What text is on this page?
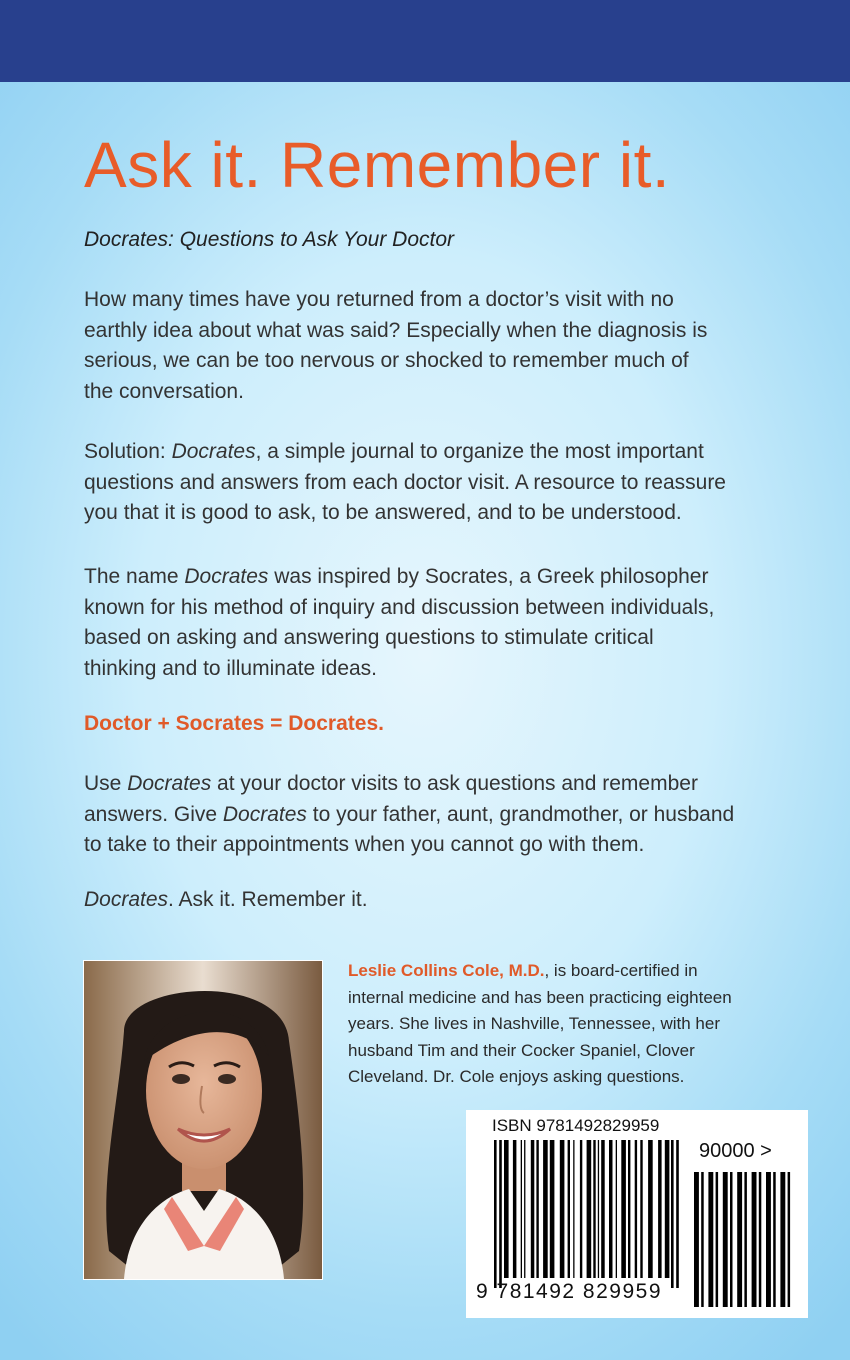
Ask it. Remember it.

Docrates: Questions to Ask Your Doctor

How many times have you returned from a doctor’s visit with no
earthly idea about what was said? Especially when the diagnosis is
serious, we can be too nervous or shocked to remember much of
the conversation.

Solution: Docrates, a simple journal to organize the most important
questions and answers from each doctor visit. A resource to reassure
you that it is good to ask, to be answered, and to be understood.

The name Docrates was inspired by Socrates, a Greek philosopher
known for his method of inquiry and discussion between individuals,
based on asking and answering questions to stimulate critical
thinking and to illuminate ideas.

Doctor + Socrates = Docrates.

Use Docrates at your doctor visits to ask questions and remember
answers. Give Docrates to your father, aunt, grandmother, or husband
to take to their appointments when you cannot go with them.

Docrates. Ask it. Remember it.

Leslie Collins Cole, M.D., is board-certified in
internal medicine and has been practicing eighteen
years. She lives in Nashville, Tennessee, with her
husband Tim and their Cocker Spaniel, Clover
Cleveland. Dr. Cole enjoys asking questions.

ISBN 9781492829959

90000 >

9 781492 829959
